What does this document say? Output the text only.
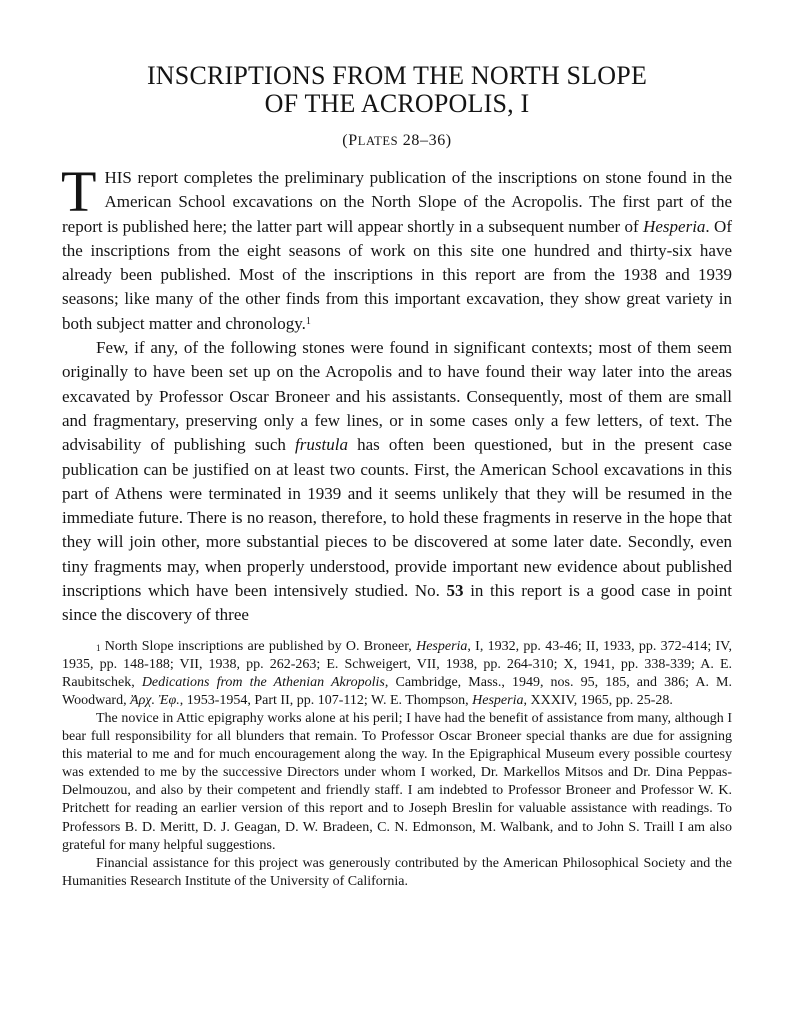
INSCRIPTIONS FROM THE NORTH SLOPE
OF THE ACROPOLIS, I
(PLATES 28–36)

THIS report completes the preliminary publication of the inscriptions on stone found in the American School excavations on the North Slope of the Acropolis. The first part of the report is published here; the latter part will appear shortly in a subsequent number of Hesperia. Of the inscriptions from the eight seasons of work on this site one hundred and thirty-six have already been published. Most of the inscriptions in this report are from the 1938 and 1939 seasons; like many of the other finds from this important excavation, they show great variety in both subject matter and chronology.$^1$

Few, if any, of the following stones were found in significant contexts; most of them seem originally to have been set up on the Acropolis and to have found their way later into the areas excavated by Professor Oscar Broneer and his assistants. Consequently, most of them are small and fragmentary, preserving only a few lines, or in some cases only a few letters, of text. The advisability of publishing such frustula has often been questioned, but in the present case publication can be justified on at least two counts. First, the American School excavations in this part of Athens were terminated in 1939 and it seems unlikely that they will be resumed in the immediate future. There is no reason, therefore, to hold these fragments in reserve in the hope that they will join other, more substantial pieces to be discovered at some later date. Secondly, even tiny fragments may, when properly understood, provide important new evidence about published inscriptions which have been intensively studied. No. 53 in this report is a good case in point since the discovery of three

$^1$ North Slope inscriptions are published by O. Broneer, Hesperia, I, 1932, pp. 43-46; II, 1933, pp. 372-414; IV, 1935, pp. 148-188; VII, 1938, pp. 262-263; E. Schweigert, VII, 1938, pp. 264-310; X, 1941, pp. 338-339; A. E. Raubitschek, Dedications from the Athenian Akropolis, Cambridge, Mass., 1949, nos. 95, 185, and 386; A. M. Woodward, Ἀρχ. Ἐφ., 1953-1954, Part II, pp. 107-112; W. E. Thompson, Hesperia, XXXIV, 1965, pp. 25-28.

The novice in Attic epigraphy works alone at his peril; I have had the benefit of assistance from many, although I bear full responsibility for all blunders that remain. To Professor Oscar Broneer special thanks are due for assigning this material to me and for much encouragement along the way. In the Epigraphical Museum every possible courtesy was extended to me by the successive Directors under whom I worked, Dr. Markellos Mitsos and Dr. Dina Peppas-Delmouzou, and also by their competent and friendly staff. I am indebted to Professor Broneer and Professor W. K. Pritchett for reading an earlier version of this report and to Joseph Breslin for valuable assistance with readings. To Professors B. D. Meritt, D. J. Geagan, D. W. Bradeen, C. N. Edmonson, M. Walbank, and to John S. Traill I am also grateful for many helpful suggestions.

Financial assistance for this project was generously contributed by the American Philosophical Society and the Humanities Research Institute of the University of California.
